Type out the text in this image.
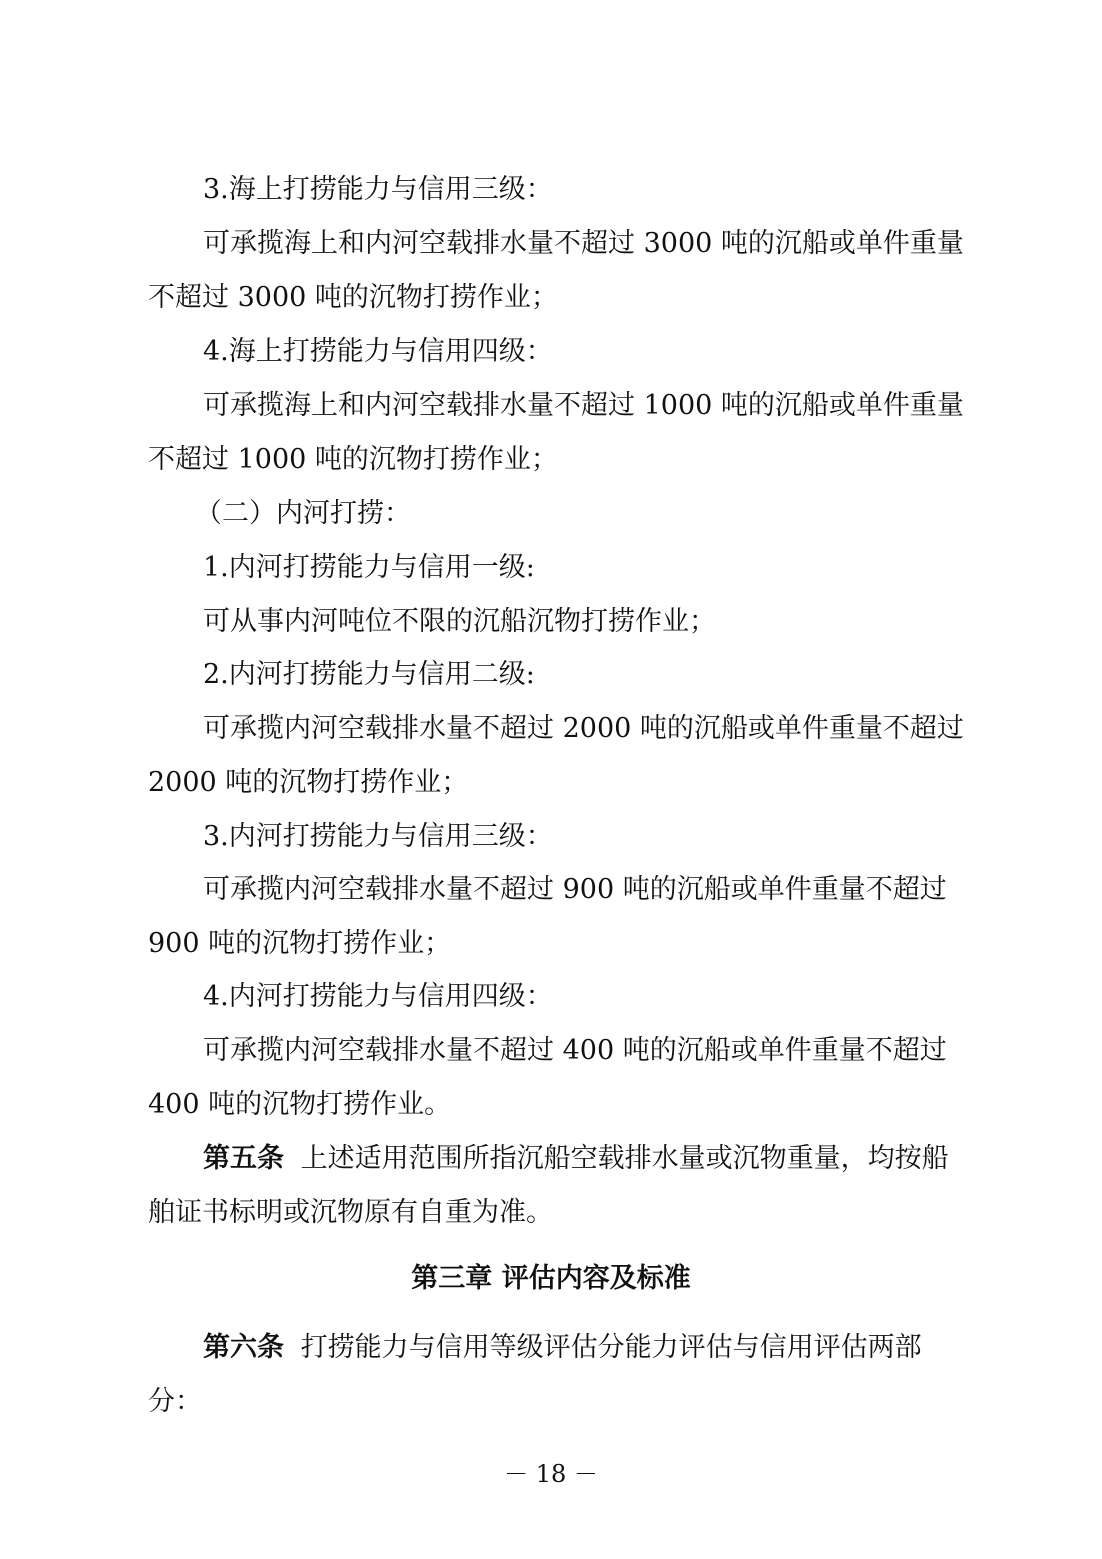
3.海上打捞能力与信用三级：
可承揽海上和内河空载排水量不超过 3000 吨的沉船或单件重量
不超过 3000 吨的沉物打捞作业；
4.海上打捞能力与信用四级：
可承揽海上和内河空载排水量不超过 1000 吨的沉船或单件重量
不超过 1000 吨的沉物打捞作业；
（二）内河打捞：
1.内河打捞能力与信用一级:
可从事内河吨位不限的沉船沉物打捞作业；
2.内河打捞能力与信用二级:
可承揽内河空载排水量不超过 2000 吨的沉船或单件重量不超过
2000 吨的沉物打捞作业；
3.内河打捞能力与信用三级：
可承揽内河空载排水量不超过 900 吨的沉船或单件重量不超过
900 吨的沉物打捞作业；
4.内河打捞能力与信用四级：
可承揽内河空载排水量不超过 400 吨的沉船或单件重量不超过
400 吨的沉物打捞作业。
第五条 上述适用范围所指沉船空载排水量或沉物重量，均按船
舶证书标明或沉物原有自重为准。
第三章 评估内容及标准
第六条 打捞能力与信用等级评估分能力评估与信用评估两部
分：
－ 18 －
